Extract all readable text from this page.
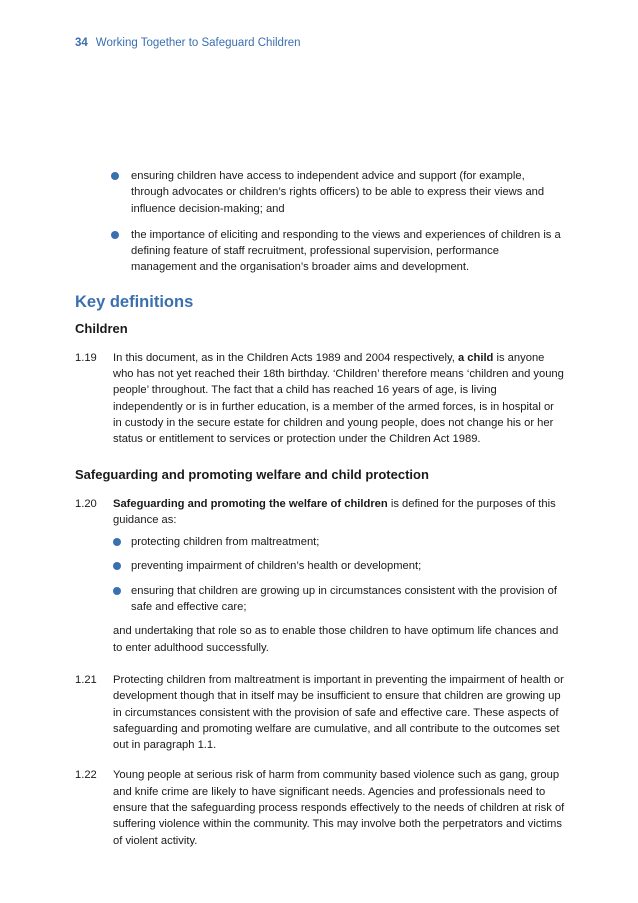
34 Working Together to Safeguard Children
ensuring children have access to independent advice and support (for example, through advocates or children’s rights officers) to be able to express their views and influence decision-making; and
the importance of eliciting and responding to the views and experiences of children is a defining feature of staff recruitment, professional supervision, performance management and the organisation’s broader aims and development.
Key definitions
Children
1.19 In this document, as in the Children Acts 1989 and 2004 respectively, a child is anyone who has not yet reached their 18th birthday. ‘Children’ therefore means ‘children and young people’ throughout. The fact that a child has reached 16 years of age, is living independently or is in further education, is a member of the armed forces, is in hospital or in custody in the secure estate for children and young people, does not change his or her status or entitlement to services or protection under the Children Act 1989.
Safeguarding and promoting welfare and child protection
1.20 Safeguarding and promoting the welfare of children is defined for the purposes of this guidance as:
protecting children from maltreatment;
preventing impairment of children’s health or development;
ensuring that children are growing up in circumstances consistent with the provision of safe and effective care;
and undertaking that role so as to enable those children to have optimum life chances and to enter adulthood successfully.
1.21 Protecting children from maltreatment is important in preventing the impairment of health or development though that in itself may be insufficient to ensure that children are growing up in circumstances consistent with the provision of safe and effective care. These aspects of safeguarding and promoting welfare are cumulative, and all contribute to the outcomes set out in paragraph 1.1.
1.22 Young people at serious risk of harm from community based violence such as gang, group and knife crime are likely to have significant needs. Agencies and professionals need to ensure that the safeguarding process responds effectively to the needs of children at risk of suffering violence within the community. This may involve both the perpetrators and victims of violent activity.
